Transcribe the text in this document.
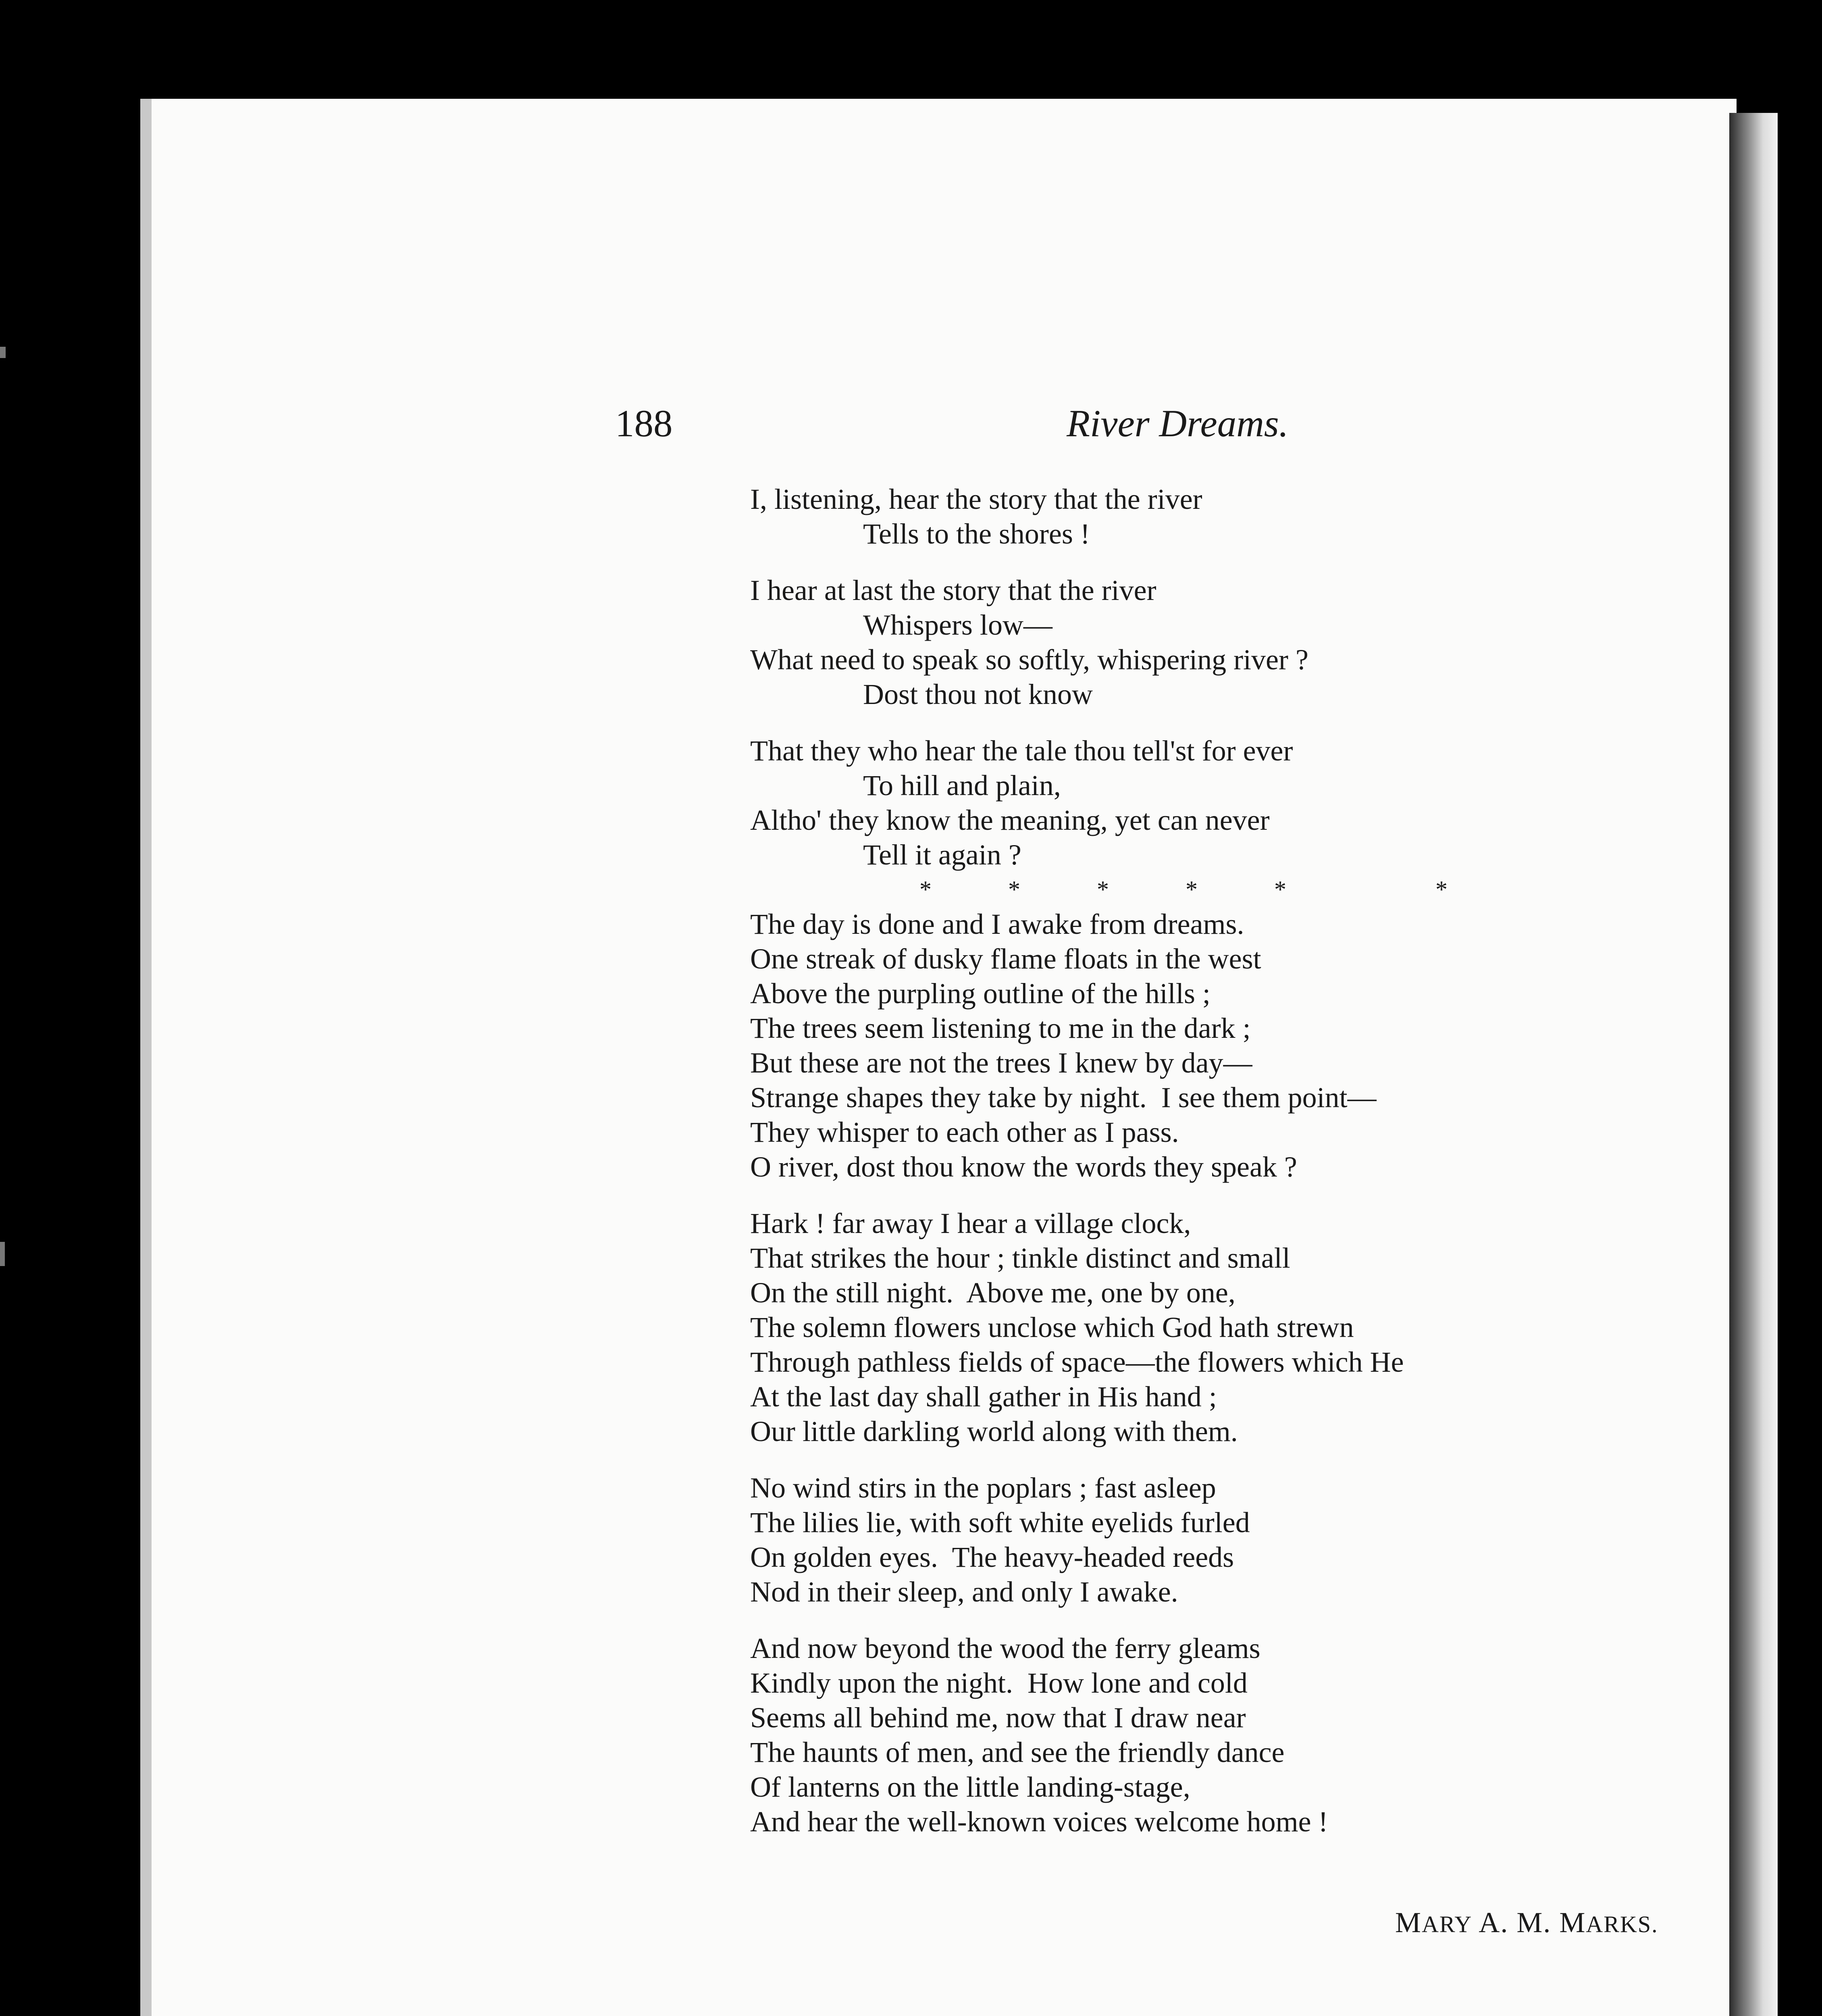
188	River Dreams.
I, listening, hear the story that the river
Tells to the shores !
I hear at last the story that the river
Whispers low—
What need to speak so softly, whispering river ?
Dost thou not know
That they who hear the tale thou tell'st for ever
To hill and plain,
Altho' they know the meaning, yet can never
Tell it again ?
*	*	*	*	*	*
The day is done and I awake from dreams.
One streak of dusky flame floats in the west
Above the purpling outline of the hills ;
The trees seem listening to me in the dark ;
But these are not the trees I knew by day—
Strange shapes they take by night.  I see them point—
They whisper to each other as I pass.
O river, dost thou know the words they speak ?
Hark ! far away I hear a village clock,
That strikes the hour ; tinkle distinct and small
On the still night.  Above me, one by one,
The solemn flowers unclose which God hath strewn
Through pathless fields of space—the flowers which He
At the last day shall gather in His hand ;
Our little darkling world along with them.
No wind stirs in the poplars ; fast asleep
The lilies lie, with soft white eyelids furled
On golden eyes.  The heavy-headed reeds
Nod in their sleep, and only I awake.
And now beyond the wood the ferry gleams
Kindly upon the night.  How lone and cold
Seems all behind me, now that I draw near
The haunts of men, and see the friendly dance
Of lanterns on the little landing-stage,
And hear the well-known voices welcome home !
MARY A. M. MARKS.
